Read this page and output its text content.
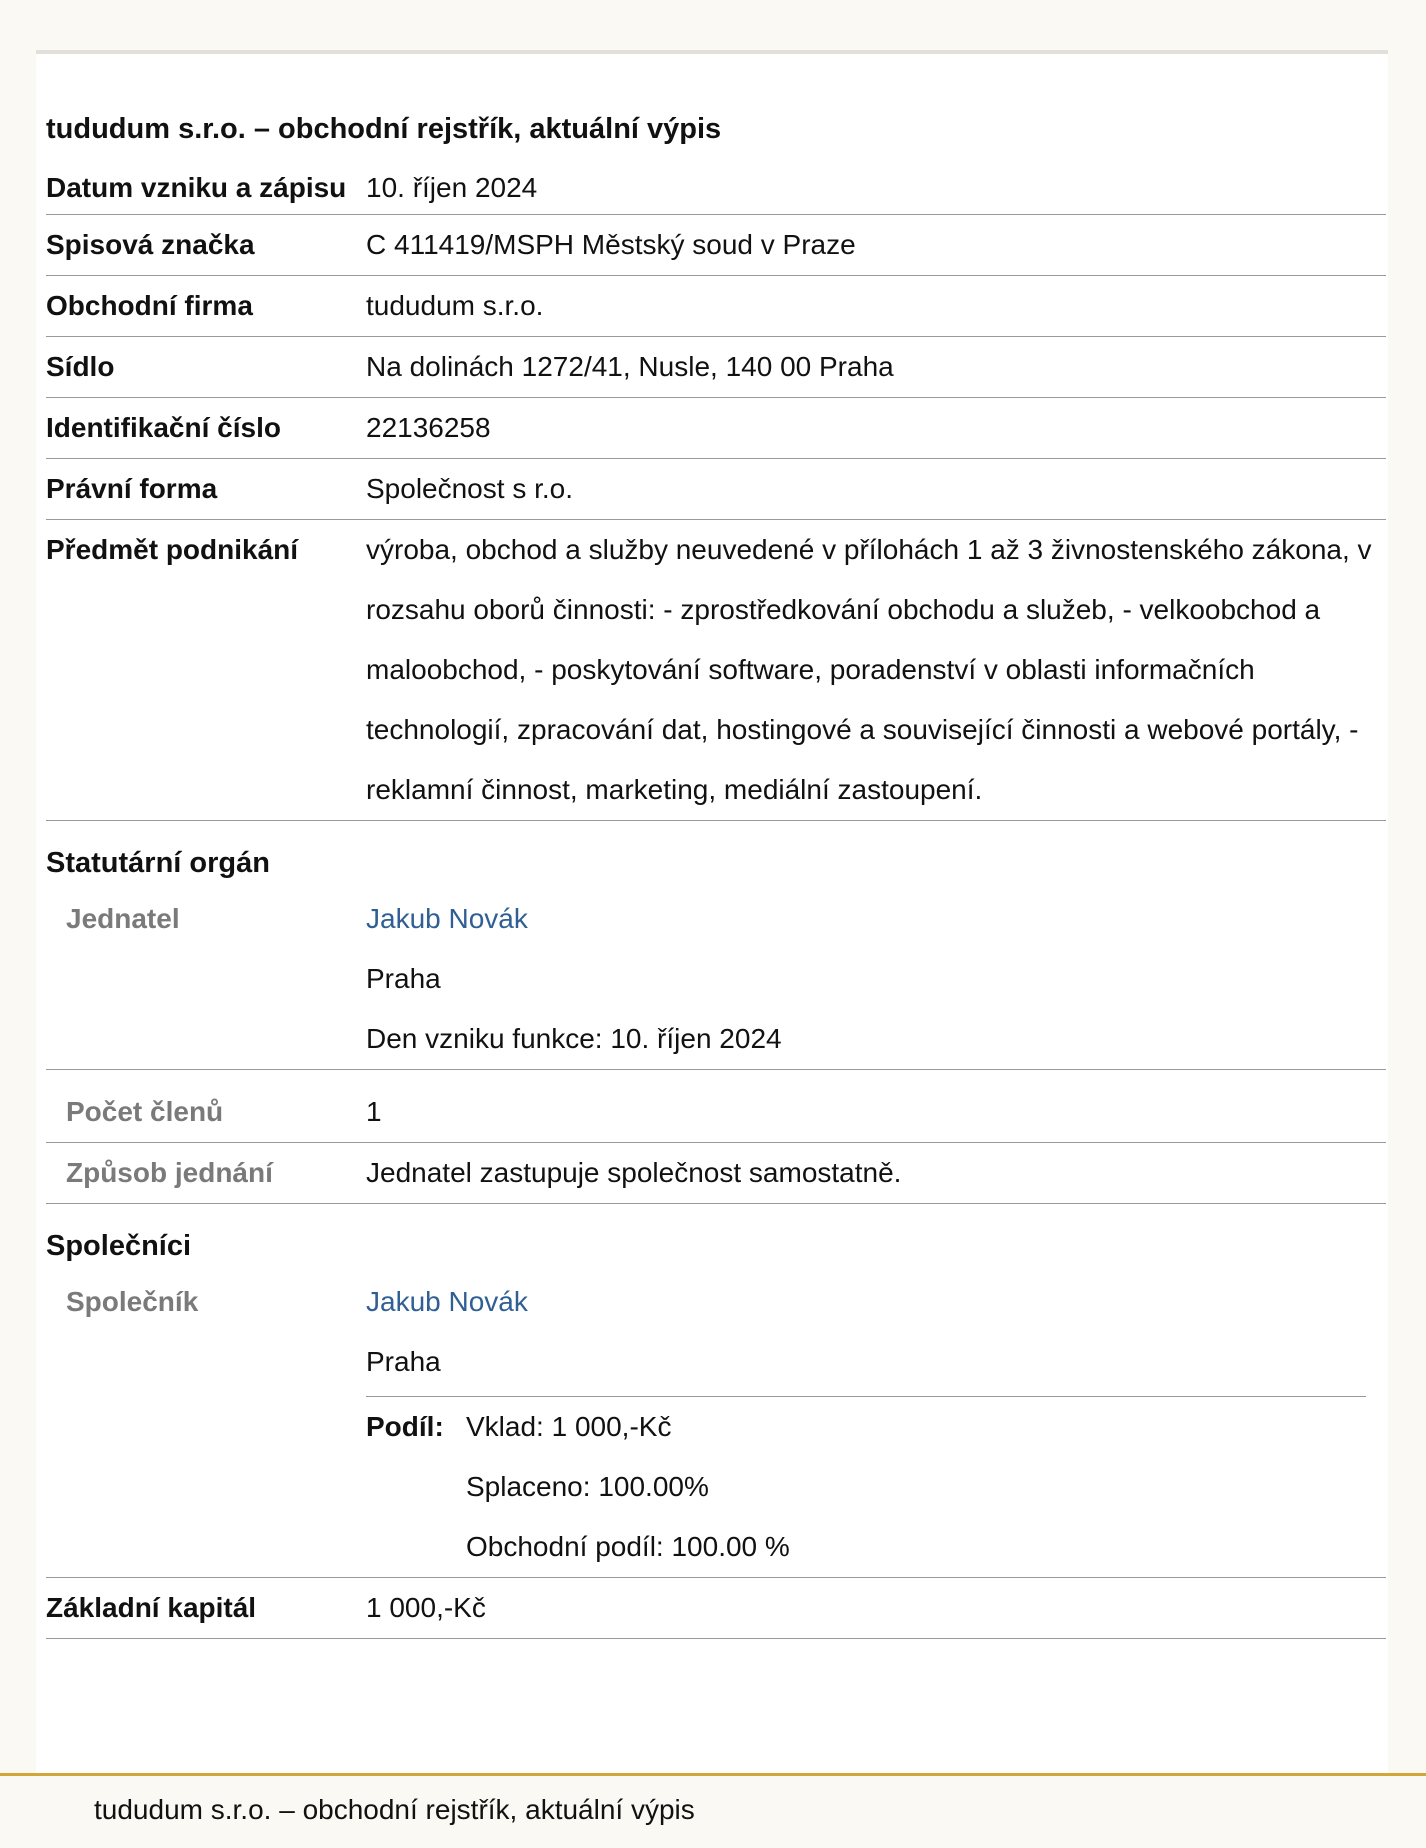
tududum s.r.o. – obchodní rejstřík, aktuální výpis
Datum vzniku a zápisu 10. říjen 2024
Spisová značka	C 411419/MSPH Městský soud v Praze
Obchodní firma	tududum s.r.o.
Sídlo	Na dolinách 1272/41, Nusle, 140 00 Praha
Identifikační číslo	22136258
Právní forma	Společnost s r.o.
Předmět podnikání	výroba, obchod a služby neuvedené v přílohách 1 až 3 živnostenského zákona, v rozsahu oborů činnosti: - zprostředkování obchodu a služeb, - velkoobchod a maloobchod, - poskytování software, poradenství v oblasti informačních technologií, zpracování dat, hostingové a související činnosti a webové portály, - reklamní činnost, marketing, mediální zastoupení.
Statutární orgán
Jednatel	Jakub Novák
Praha
Den vzniku funkce: 10. říjen 2024
Počet členů	1
Způsob jednání	Jednatel zastupuje společnost samostatně.
Společníci
Společník	Jakub Novák
Praha
Podíl: Vklad: 1 000,-Kč
Splaceno: 100.00%
Obchodní podíl: 100.00 %
Základní kapitál	1 000,-Kč
tududum s.r.o. – obchodní rejstřík, aktuální výpis
